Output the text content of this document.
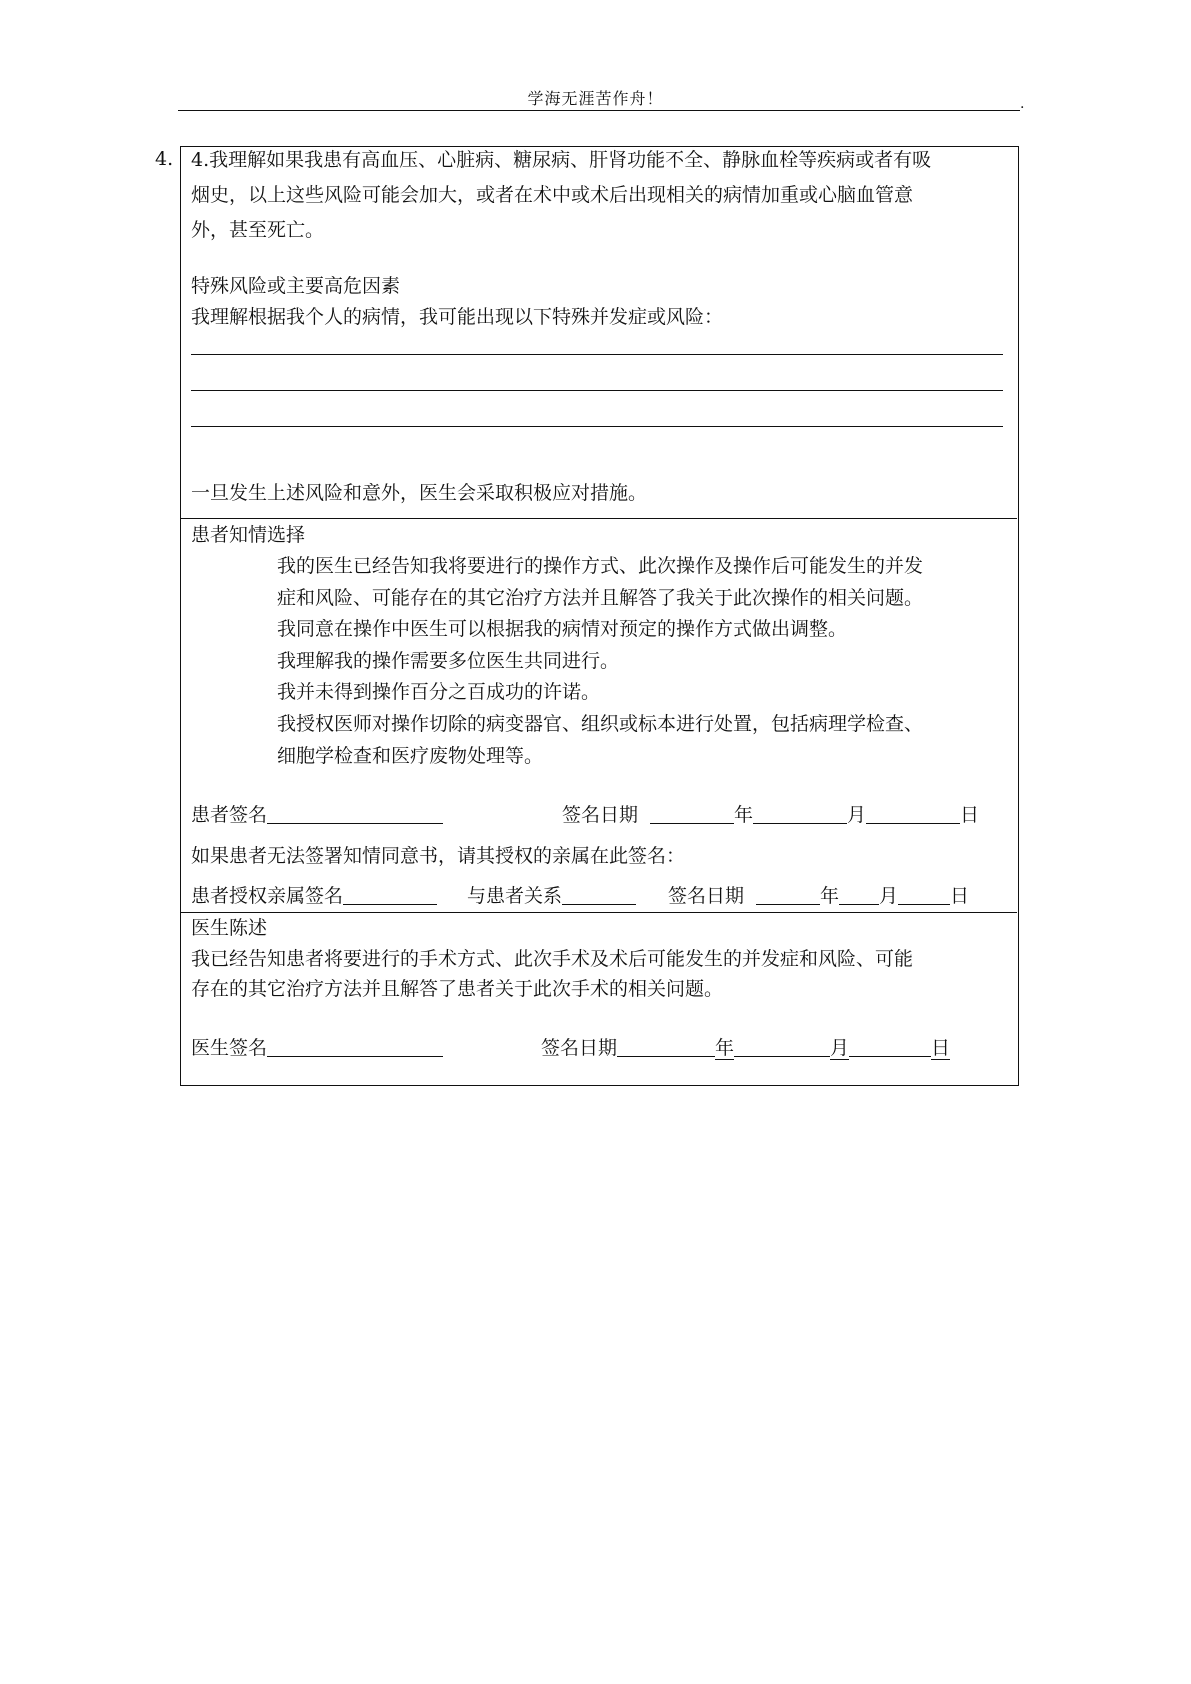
学海无涯苦作舟！	.
4. 4.我理解如果我患有高血压、心脏病、糖尿病、肝肾功能不全、静脉血栓等疾病或者有吸
烟史，以上这些风险可能会加大，或者在术中或术后出现相关的病情加重或心脑血管意
外，甚至死亡。
特殊风险或主要高危因素
我理解根据我个人的病情，我可能出现以下特殊并发症或风险：
一旦发生上述风险和意外，医生会采取积极应对措施。
患者知情选择
我的医生已经告知我将要进行的操作方式、此次操作及操作后可能发生的并发
症和风险、可能存在的其它治疗方法并且解答了我关于此次操作的相关问题。
我同意在操作中医生可以根据我的病情对预定的操作方式做出调整。
我理解我的操作需要多位医生共同进行。
我并未得到操作百分之百成功的许诺。
我授权医师对操作切除的病变器官、组织或标本进行处置，包括病理学检查、
细胞学检查和医疗废物处理等。
患者签名	签名日期	年	月	日
如果患者无法签署知情同意书，请其授权的亲属在此签名：
患者授权亲属签名	与患者关系	签名日期	年 月	日
医生陈述
我已经告知患者将要进行的手术方式、此次手术及术后可能发生的并发症和风险、可能
存在的其它治疗方法并且解答了患者关于此次手术的相关问题。
医生签名	签名日期	年	月	日
